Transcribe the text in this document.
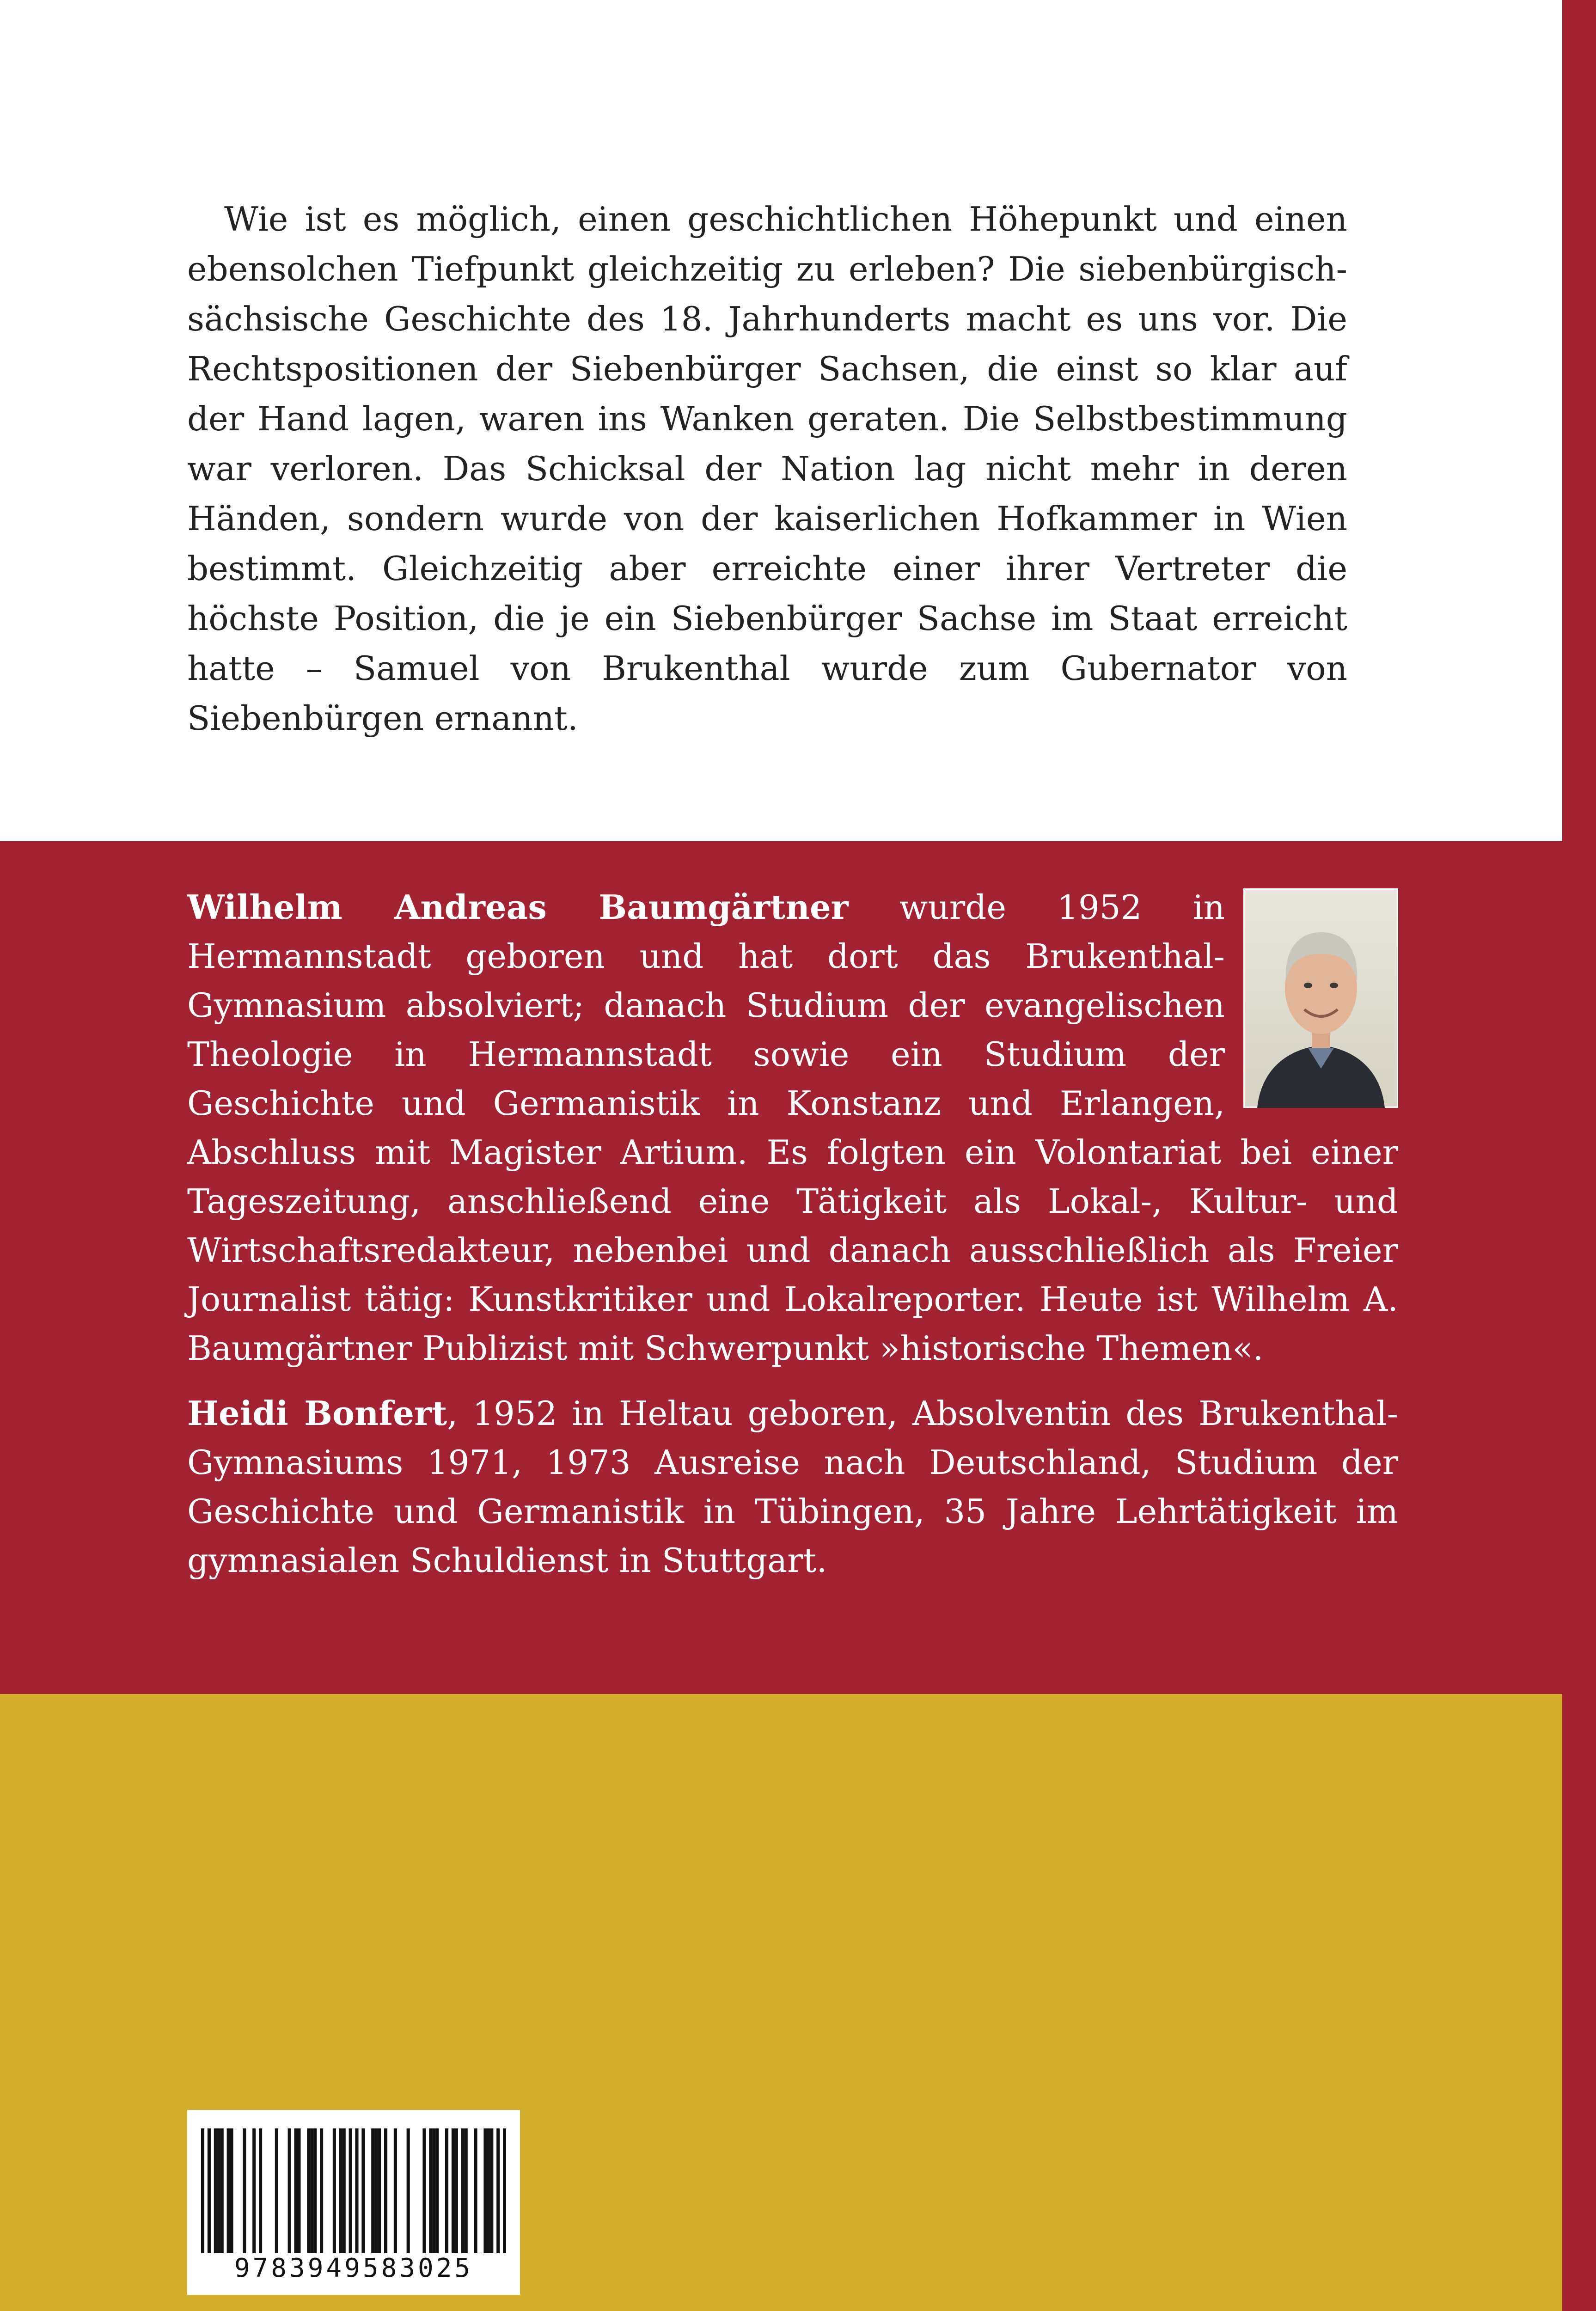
Wie ist es möglich, einen geschichtlichen Höhepunkt und einen ebensolchen Tiefpunkt gleichzeitig zu erleben? Die siebenbürgisch-sächsische Geschichte des 18. Jahrhunderts macht es uns vor. Die Rechtspositionen der Siebenbürger Sachsen, die einst so klar auf der Hand lagen, waren ins Wanken geraten. Die Selbstbestimmung war verloren. Das Schicksal der Nation lag nicht mehr in deren Händen, sondern wurde von der kaiserlichen Hofkammer in Wien bestimmt. Gleichzeitig aber erreichte einer ihrer Vertreter die höchste Position, die je ein Siebenbürger Sachse im Staat erreicht hatte – Samuel von Brukenthal wurde zum Gubernator von Siebenbürgen ernannt.

Wilhelm Andreas Baumgärtner wurde 1952 in Hermannstadt geboren und hat dort das Brukenthal-Gymnasium absolviert; danach Studium der evangelischen Theologie in Hermannstadt sowie ein Studium der Geschichte und Germanistik in Konstanz und Erlangen, Abschluss mit Magister Artium. Es folgten ein Volontariat bei einer Tageszeitung, anschließend eine Tätigkeit als Lokal-, Kultur- und Wirtschaftsredakteur, nebenbei und danach ausschließlich als Freier Journalist tätig: Kunstkritiker und Lokalreporter. Heute ist Wilhelm A. Baumgärtner Publizist mit Schwerpunkt »historische Themen«.

Heidi Bonfert, 1952 in Heltau geboren, Absolventin des Brukenthal-Gymnasiums 1971, 1973 Ausreise nach Deutschland, Studium der Geschichte und Germanistik in Tübingen, 35 Jahre Lehrtätigkeit im gymnasialen Schuldienst in Stuttgart.

9783949583025
